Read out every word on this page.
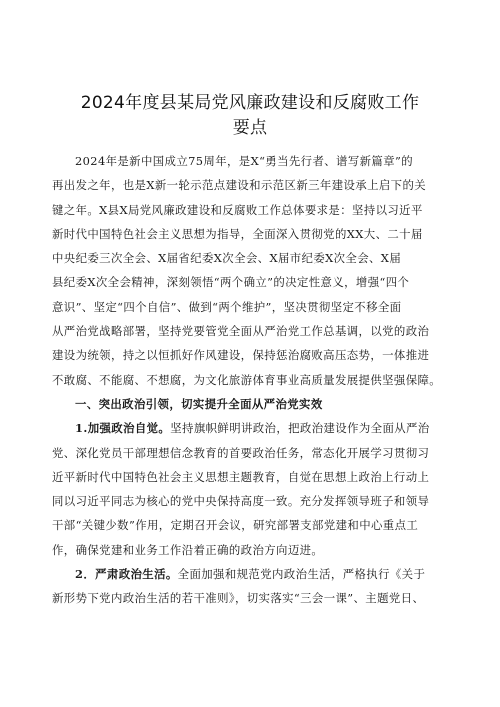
2024年度县某局党风廉政建设和反腐败工作
要点
2024年是新中国成立75周年，是X“勇当先行者、谱写新篇章”的
再出发之年，也是X新一轮示范点建设和示范区新三年建设承上启下的关
键之年。X县X局党风廉政建设和反腐败工作总体要求是：坚持以习近平
新时代中国特色社会主义思想为指导，全面深入贯彻党的XX大、二十届
中央纪委三次全会、X届省纪委X次全会、X届市纪委X次全会、X届
县纪委X次全会精神，深刻领悟“两个确立”的决定性意义，增强“四个
意识”、坚定“四个自信”、做到“两个维护”，坚决贯彻坚定不移全面
从严治党战略部署，坚持党要管党全面从严治党工作总基调，以党的政治
建设为统领，持之以恒抓好作风建设，保持惩治腐败高压态势，一体推进
不敢腐、不能腐、不想腐，为文化旅游体育事业高质量发展提供坚强保障。
一、突出政治引领，切实提升全面从严治党实效
1.加强政治自觉。坚持旗帜鲜明讲政治，把政治建设作为全面从严治
党、深化党员干部理想信念教育的首要政治任务，常态化开展学习贯彻习
近平新时代中国特色社会主义思想主题教育，自觉在思想上政治上行动上
同以习近平同志为核心的党中央保持高度一致。充分发挥领导班子和领导
干部“关键少数”作用，定期召开会议，研究部署支部党建和中心重点工
作，确保党建和业务工作沿着正确的政治方向迈进。
2．严肃政治生活。全面加强和规范党内政治生活，严格执行《关于
新形势下党内政治生活的若干准则》，切实落实“三会一课”、主题党日、
